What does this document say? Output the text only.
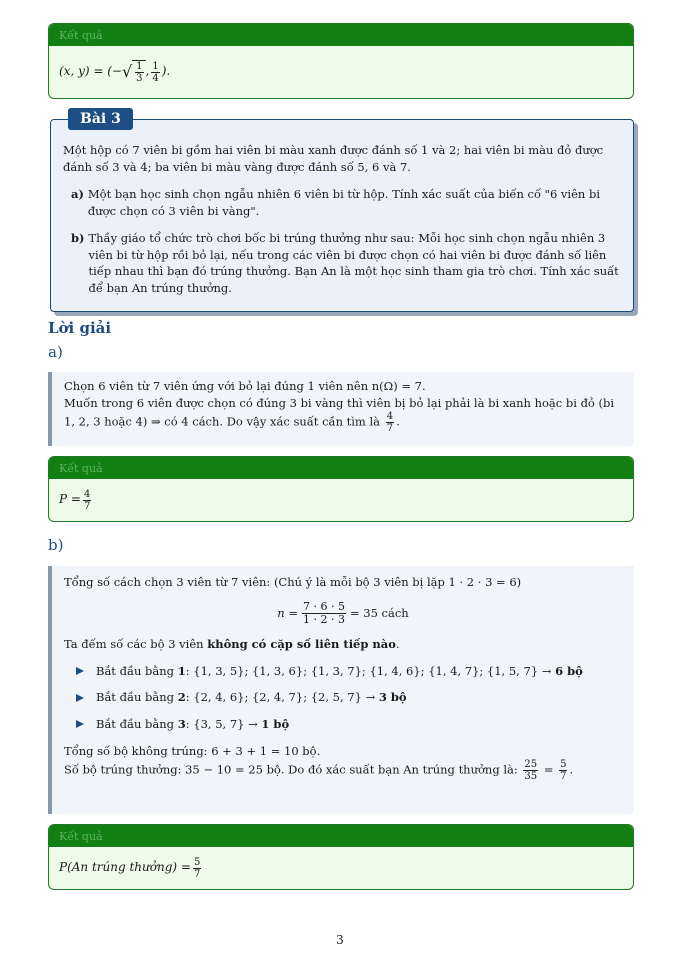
Kết quả
(x, y) = (− √ $\frac{1}{3}$ , $\frac{1}{4}$ ).
Bài 3

Một hộp có 7 viên bi gồm hai viên bi màu xanh được đánh số 1 và 2; hai viên bi màu đỏ được đánh số 3 và 4; ba viên bi màu vàng được đánh số 5, 6 và 7.

a) Một bạn học sinh chọn ngẫu nhiên 6 viên bi từ hộp. Tính xác suất của biến cố "6 viên bi được chọn có 3 viên bi vàng".
b) Thầy giáo tổ chức trò chơi bốc bi trúng thưởng như sau: Mỗi học sinh chọn ngẫu nhiên 3 viên bi từ hộp rồi bỏ lại, nếu trong các viên bi được chọn có hai viên bi được đánh số liên tiếp nhau thì bạn đó trúng thưởng. Bạn An là một học sinh tham gia trò chơi. Tính xác suất để bạn An trúng thưởng.
Lời giải
a)

Chọn 6 viên từ 7 viên ứng với bỏ lại đúng 1 viên nên n(Ω) = 7.

Muốn trong 6 viên được chọn có đúng 3 bi vàng thì viên bị bỏ lại phải là bi xanh hoặc bi đỏ (bi

1, 2, 3 hoặc 4) ⇒ có 4 cách. Do vậy xác suất cần tìm là $\frac{4}{7}$ .

Kết quả
$P = \frac{4}{7}$
b)

Tổng số cách chọn 3 viên từ 7 viên: (Chú ý là mỗi bộ 3 viên bị lặp 1 · 2 · 3 = 6)

$n = \frac{7 \cdot 6 \cdot 5}{1 \cdot 2 \cdot 3} = 35$ cách

Ta đếm số các bộ 3 viên không có cặp số liên tiếp nào.

Bắt đầu bằng
1 : {1, 3, 5}; {1, 3, 6}; {1, 3, 7}; {1, 4, 6}; {1, 4, 7}; {1, 5, 7} →
6 bộ
Bắt đầu bằng
2 : {2, 4, 6}; {2, 4, 7}; {2, 5, 7} →
3 bộ
Bắt đầu bằng
3 : {3, 5, 7} →
1 bộ

Tổng số bộ không trúng: 6 + 3 + 1 = 10 bộ.

Số bộ trúng thưởng: 35 − 10 = 25 bộ. Do đó xác suất bạn An trúng thưởng là: $\frac{25}{35} = \frac{5}{7}$ .

Kết quả
P(An trúng thưởng) = $\frac{5}{7}$
3
